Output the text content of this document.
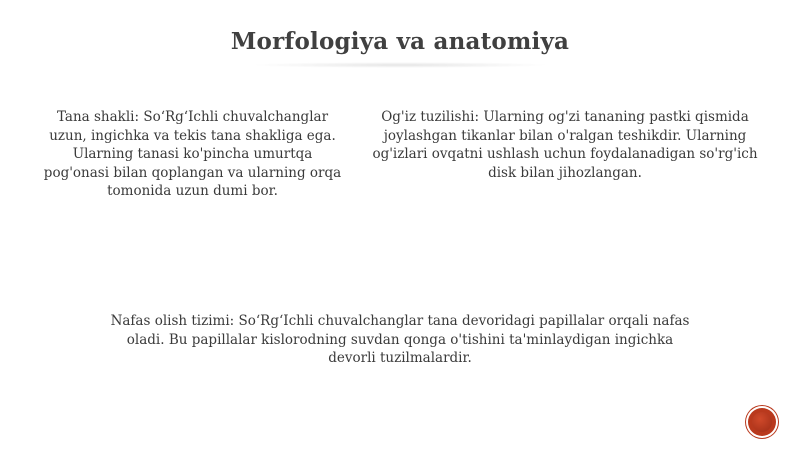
Morfologiya va anatomiya

Tana shakli: So‘Rg‘Ichli chuvalchanglar uzun, ingichka va tekis tana shakliga ega. Ularning tanasi ko'pincha umurtqa pog'onasi bilan qoplangan va ularning orqa tomonida uzun dumi bor.

Og'iz tuzilishi: Ularning og'zi tananing pastki qismida joylashgan tikanlar bilan o'ralgan teshikdir. Ularning og'izlari ovqatni ushlash uchun foydalanadigan so'rg'ich disk bilan jihozlangan.

Nafas olish tizimi: So‘Rg‘Ichli chuvalchanglar tana devoridagi papillalar orqali nafas oladi. Bu papillalar kislorodning suvdan qonga o'tishini ta'minlaydigan ingichka devorli tuzilmalardir.
